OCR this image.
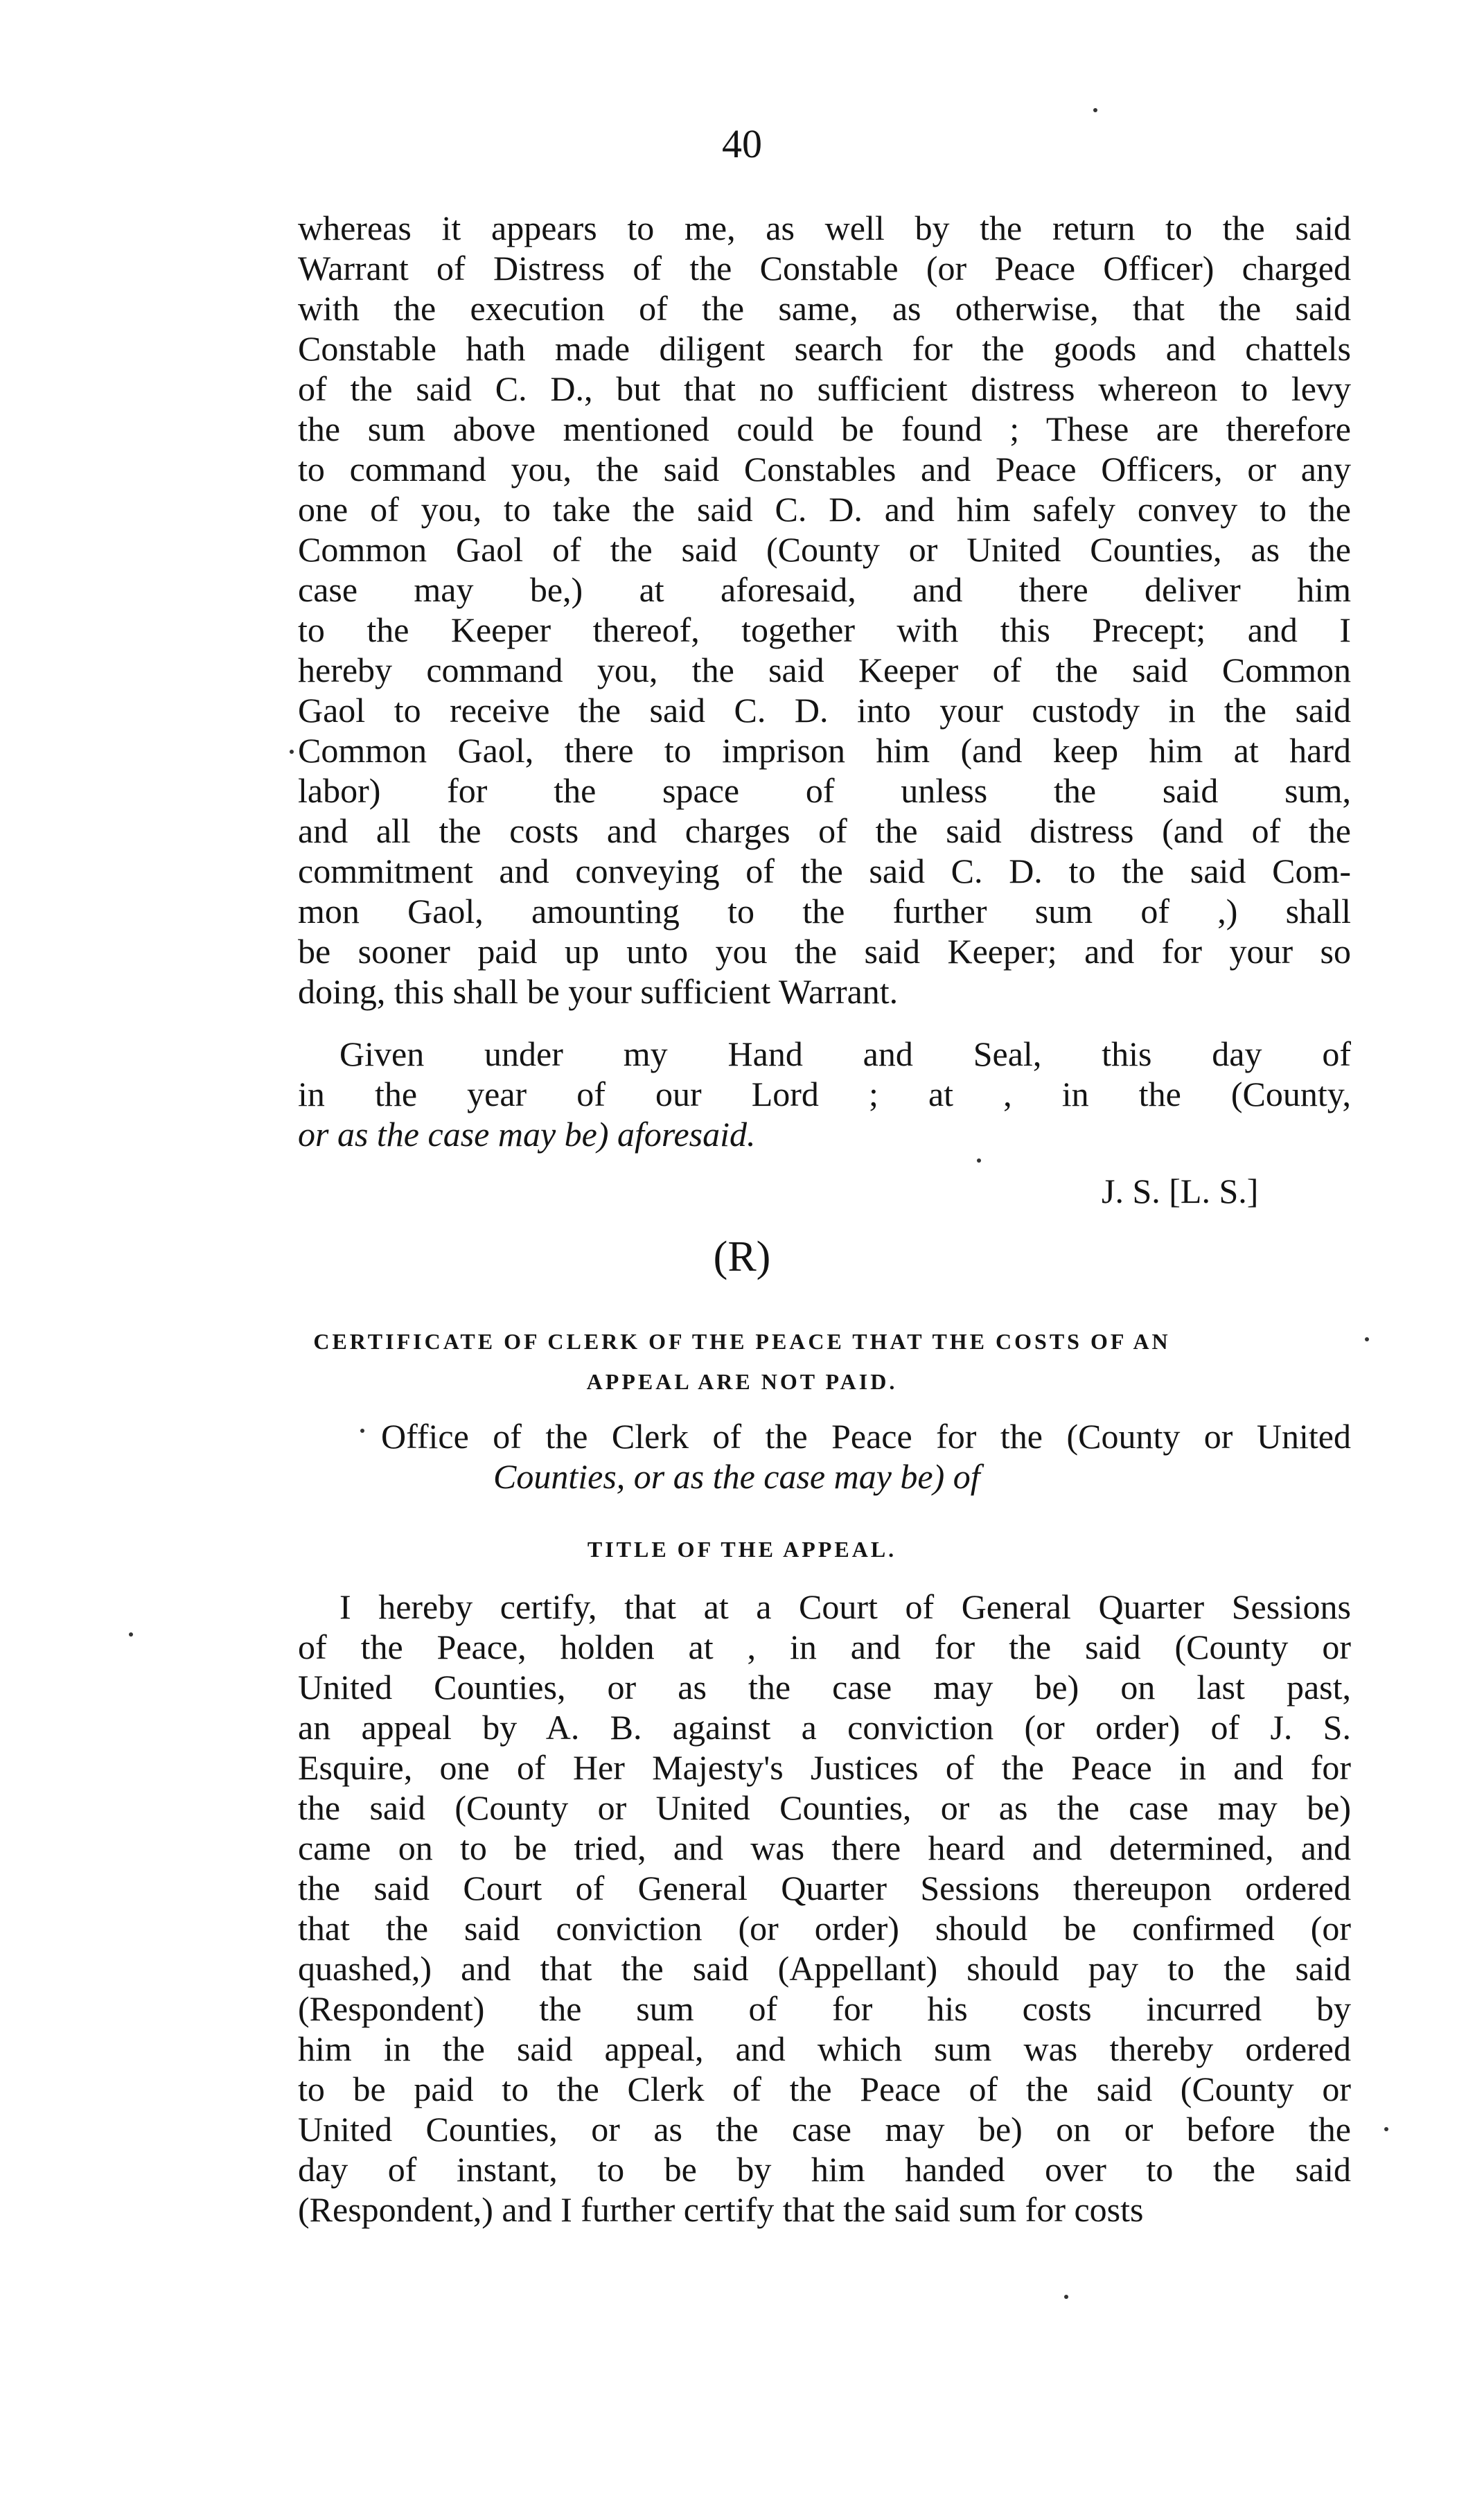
40
whereas it appears to me, as well by the return to the said
Warrant of Distress of the Constable (or Peace Officer) charged
with the execution of the same, as otherwise, that the said
Constable hath made diligent search for the goods and chattels
of the said C. D., but that no sufficient distress whereon to levy
the sum above mentioned could be found ; These are therefore
to command you, the said Constables and Peace Officers, or any
one of you, to take the said C. D. and him safely convey to the
Common Gaol of the said (County or United Counties, as the
case may be,) at aforesaid, and there deliver him
to the Keeper thereof, together with this Precept; and I
hereby command you, the said Keeper of the said Common
Gaol to receive the said C. D. into your custody in the said
Common Gaol, there to imprison him (and keep him at hard
labor) for the space of unless the said sum,
and all the costs and charges of the said distress (and of the
commitment and conveying of the said C. D. to the said Com-
mon Gaol, amounting to the further sum of ,) shall
be sooner paid up unto you the said Keeper; and for your so
doing, this shall be your sufficient Warrant.
Given under my Hand and Seal, this day of
in the year of our Lord ; at , in the (County,
or as the case may be) aforesaid.
J. S. [L. S.]
(R)
CERTIFICATE OF CLERK OF THE PEACE THAT THE COSTS OF AN
APPEAL ARE NOT PAID.
Office of the Clerk of the Peace for the (County or United
Counties, or as the case may be) of
TITLE OF THE APPEAL.
I hereby certify, that at a Court of General Quarter Sessions
of the Peace, holden at , in and for the said (County or
United Counties, or as the case may be) on last past,
an appeal by A. B. against a conviction (or order) of J. S.
Esquire, one of Her Majesty's Justices of the Peace in and for
the said (County or United Counties, or as the case may be)
came on to be tried, and was there heard and determined, and
the said Court of General Quarter Sessions thereupon ordered
that the said conviction (or order) should be confirmed (or
quashed,) and that the said (Appellant) should pay to the said
(Respondent) the sum of for his costs incurred by
him in the said appeal, and which sum was thereby ordered
to be paid to the Clerk of the Peace of the said (County or
United Counties, or as the case may be) on or before the
day of instant, to be by him handed over to the said
(Respondent,) and I further certify that the said sum for costs
